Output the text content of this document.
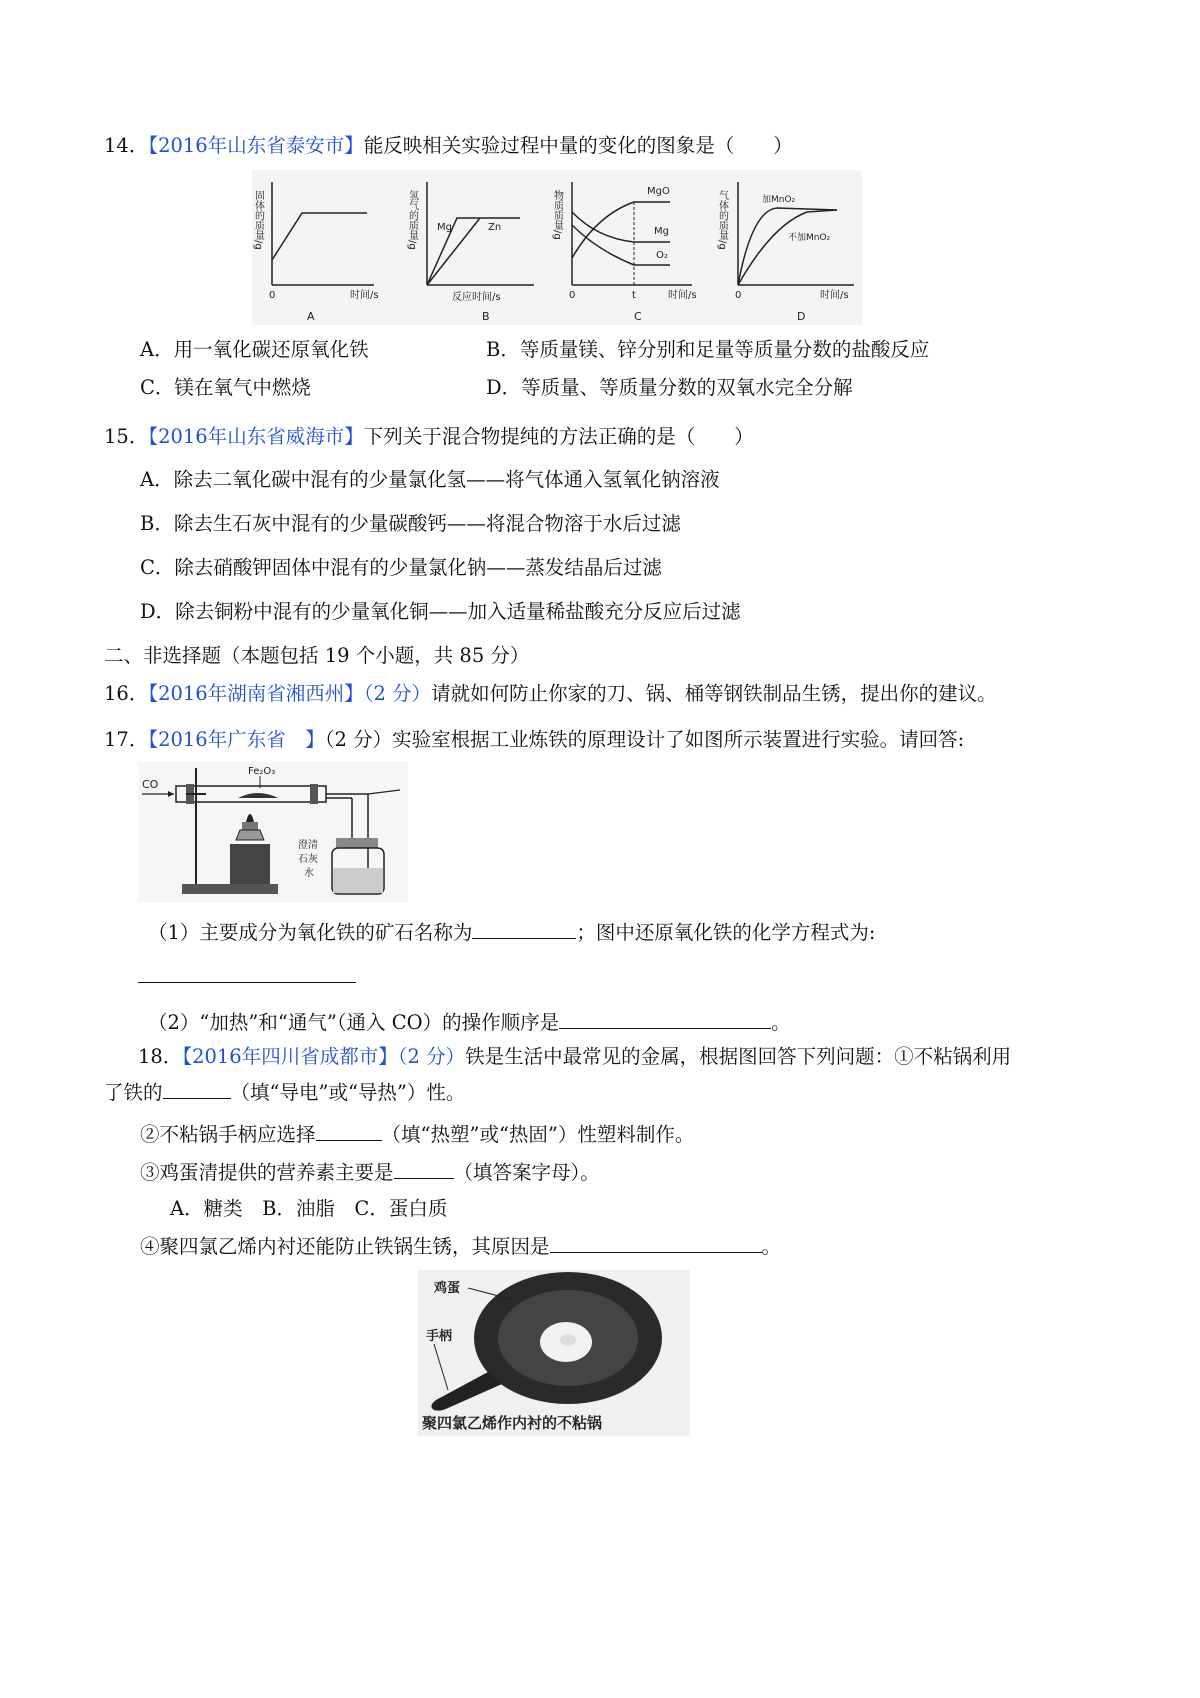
14．【2016年山东省泰安市】能反映相关实验过程中量的变化的图象是（　　）
固体的质量/g
0	时间/s
A
氢气的质量/g Mg	Zn
反应时间/s
B
物质质量/g	MgO
Mg
O₂
0	t	时间/s
C
气体的质量/g	加MnO₂
不加MnO₂
0	时间/s
D
A．用一氧化碳还原氧化铁	B．等质量镁、锌分别和足量等质量分数的盐酸反应
C．镁在氧气中燃烧	D．等质量、等质量分数的双氧水完全分解
15．【2016年山东省威海市】下列关于混合物提纯的方法正确的是（　　）
A．除去二氧化碳中混有的少量氯化氢——将气体通入氢氧化钠溶液
B．除去生石灰中混有的少量碳酸钙——将混合物溶于水后过滤
C．除去硝酸钾固体中混有的少量氯化钠——蒸发结晶后过滤
D．除去铜粉中混有的少量氧化铜——加入适量稀盐酸充分反应后过滤
二、非选择题（本题包括 19 个小题，共 85 分）
16．【2016年湖南省湘西州】（2 分）请就如何防止你家的刀、锅、桶等钢铁制品生锈，提出你的建议。
17．【2016年广东省　】（2 分）实验室根据工业炼铁的原理设计了如图所示装置进行实验。请回答:
CO
Fe₂O₃
澄清
石灰
水
（1）主要成分为氧化铁的矿石名称为	；图中还原氧化铁的化学方程式为:
（2）“加热”和“通气”（通入 CO）的操作顺序是	。
18．【2016年四川省成都市】（2 分）铁是生活中最常见的金属，根据图回答下列问题：①不粘锅利用
了铁的	（填“导电”或“导热”）性。
②不粘锅手柄应选择	（填“热塑”或“热固”）性塑料制作。
③鸡蛋清提供的营养素主要是	（填答案字母）。
A．糖类　B．油脂　C．蛋白质
④聚四氯乙烯内衬还能防止铁锅生锈，其原因是	。
鸡蛋
手柄
聚四氯乙烯作内衬的不粘锅
